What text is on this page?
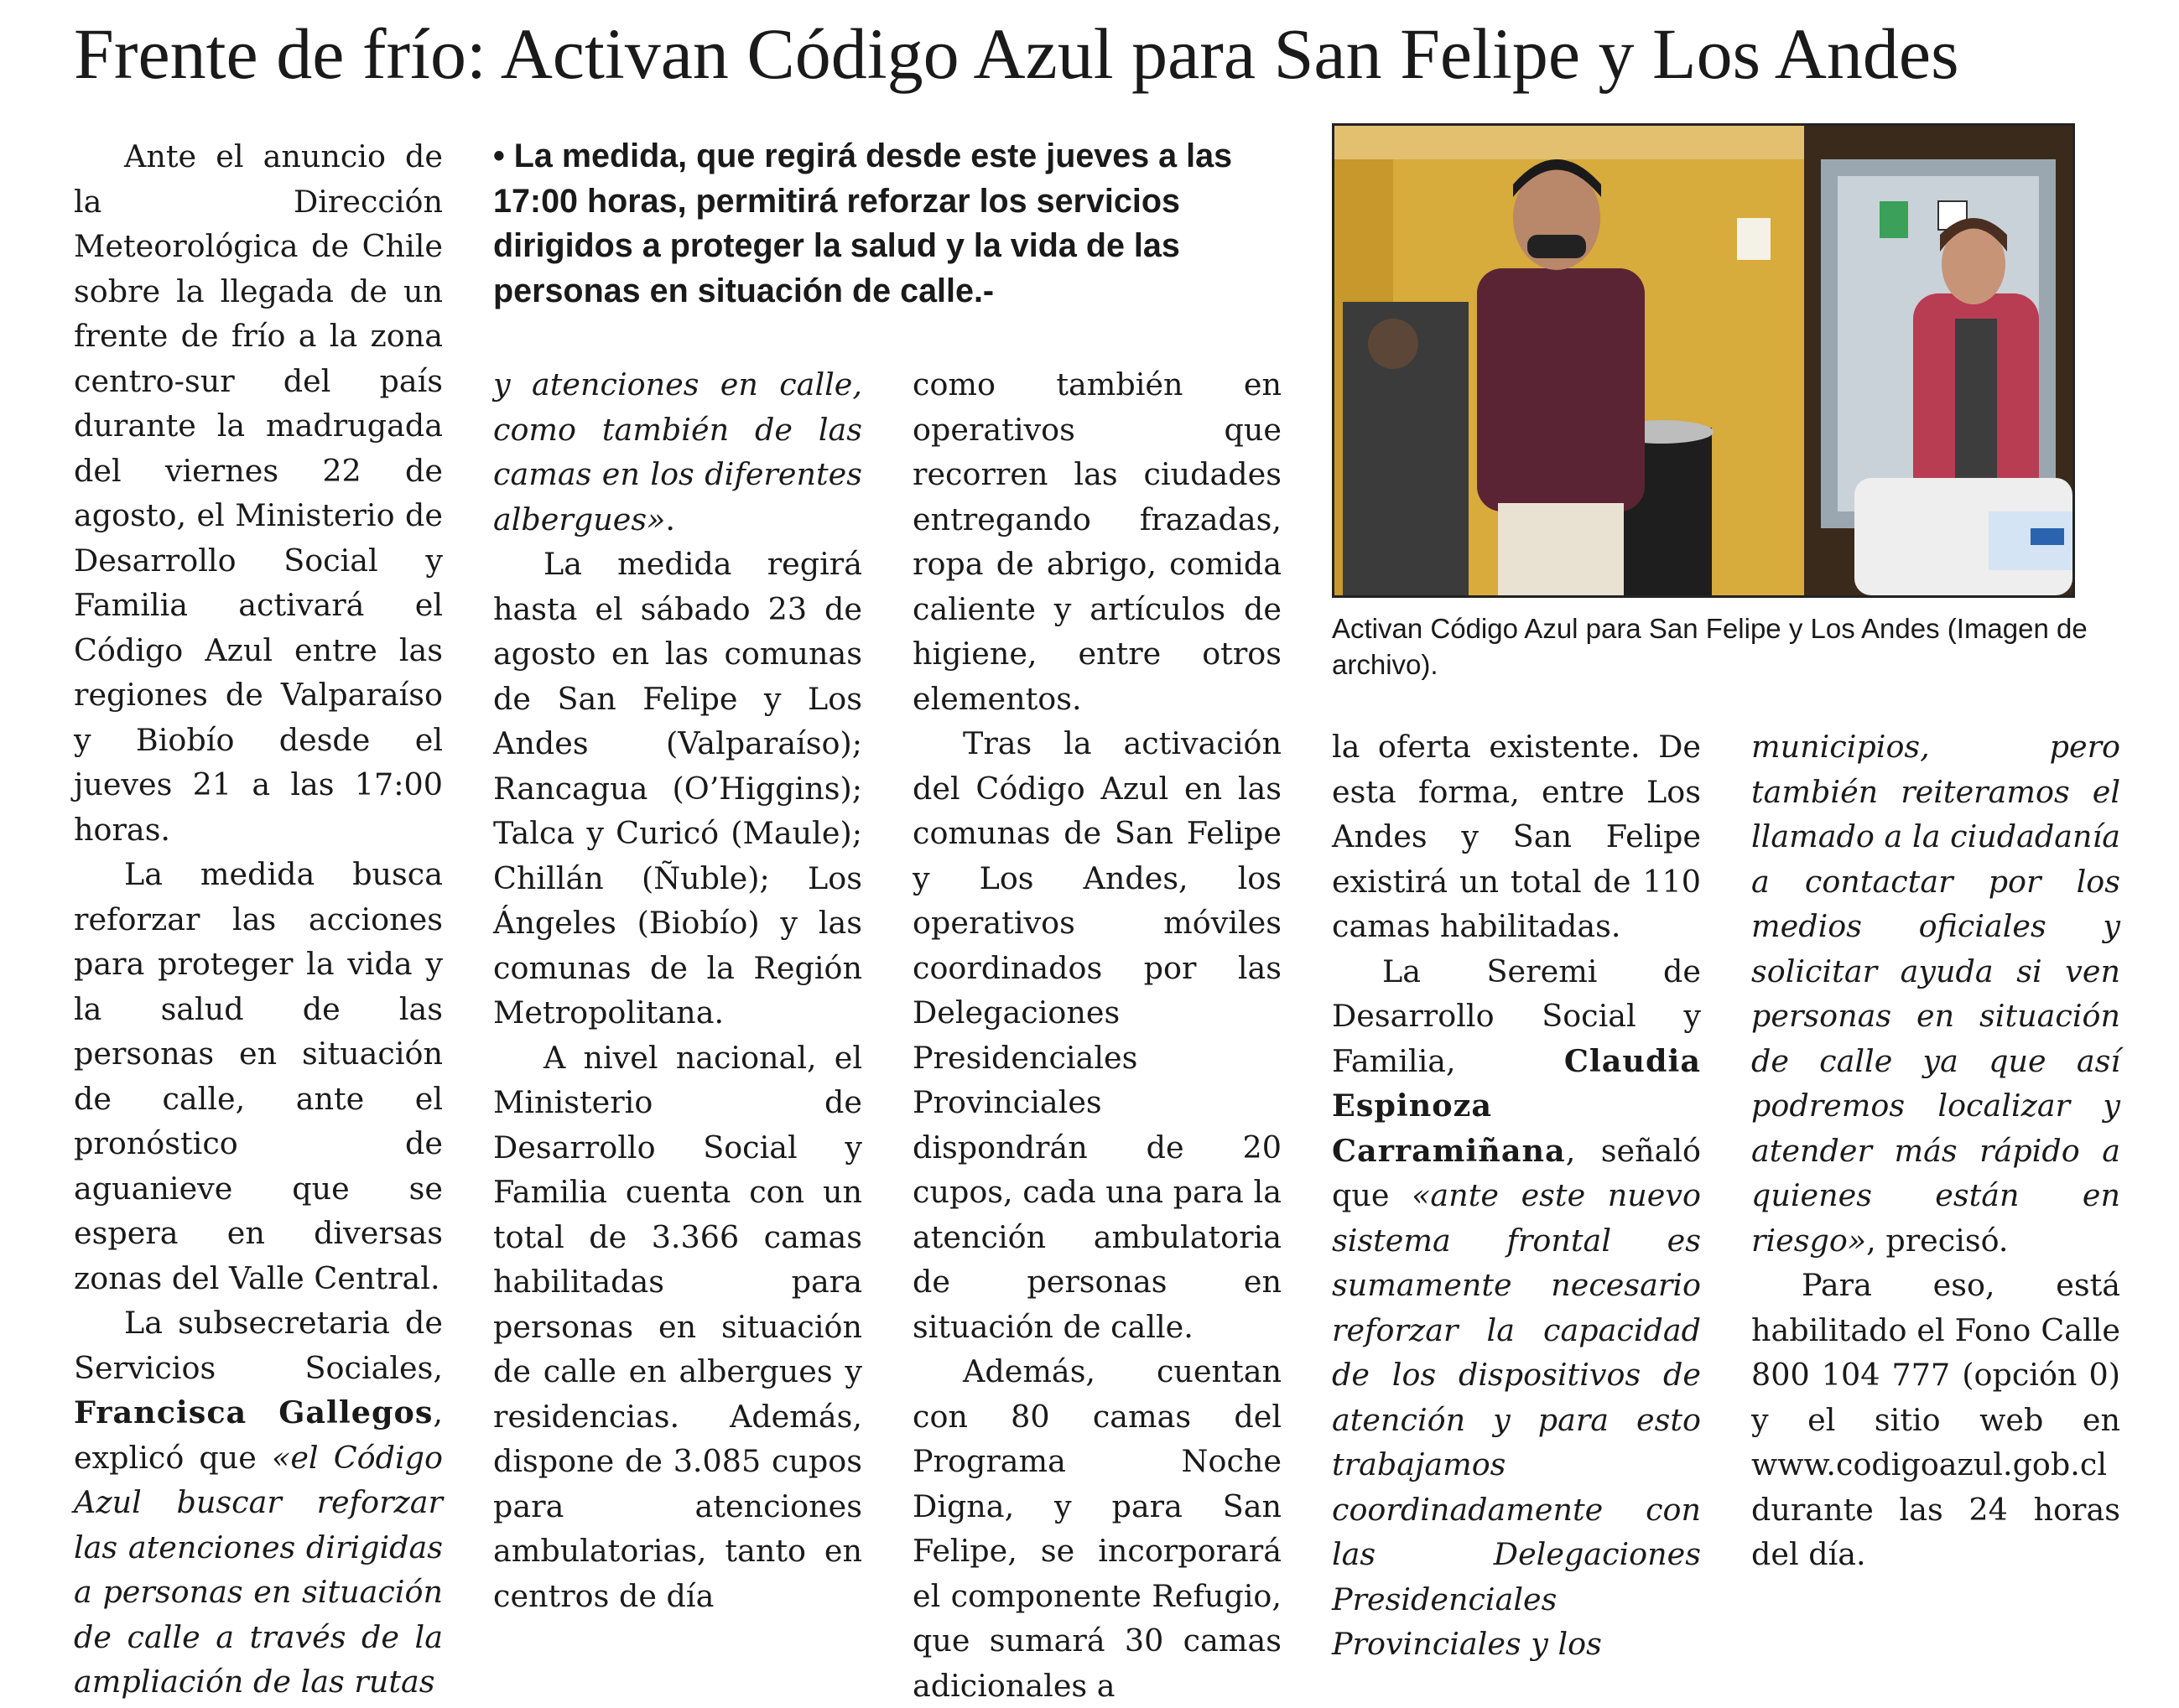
Frente de frío: Activan Código Azul para San Felipe y Los Andes

Ante el anuncio de la Dirección Meteorológica de Chile sobre la llegada de un frente de frío a la zona centro-sur del país durante la madrugada del viernes 22 de agosto, el Ministerio de Desarrollo Social y Familia activará el Código Azul entre las regiones de Valparaíso y Biobío desde el jueves 21 a las 17:00 horas.

La medida busca reforzar las acciones para proteger la vida y la salud de las personas en situación de calle, ante el pronóstico de aguanieve que se espera en diversas zonas del Valle Central.

La subsecretaria de Servicios Sociales, Francisca Gallegos, explicó que «el Código Azul buscar reforzar las atenciones dirigidas a personas en situación de calle a través de la ampliación de las rutas

• La medida, que regirá desde este jueves a las 17:00 horas, permitirá reforzar los servicios dirigidos a proteger la salud y la vida de las personas en situación de calle.-

y atenciones en calle, como también de las camas en los diferentes albergues».

La medida regirá hasta el sábado 23 de agosto en las comunas de San Felipe y Los Andes (Valparaíso); Rancagua (O’Higgins); Talca y Curicó (Maule); Chillán (Ñuble); Los Ángeles (Biobío) y las comunas de la Región Metropolitana.

A nivel nacional, el Ministerio de Desarrollo Social y Familia cuenta con un total de 3.366 camas habilitadas para personas en situación de calle en albergues y residencias. Además, dispone de 3.085 cupos para atenciones ambulatorias, tanto en centros de día

como también en operativos que recorren las ciudades entregando frazadas, ropa de abrigo, comida caliente y artículos de higiene, entre otros elementos.

Tras la activación del Código Azul en las comunas de San Felipe y Los Andes, los operativos móviles coordinados por las Delegaciones Presidenciales Provinciales dispondrán de 20 cupos, cada una para la atención ambulatoria de personas en situación de calle.

Además, cuentan con 80 camas del Programa Noche Digna, y para San Felipe, se incorporará el componente Refugio, que sumará 30 camas adicionales a

Activan Código Azul para San Felipe y Los Andes (Imagen de archivo).

la oferta existente. De esta forma, entre Los Andes y San Felipe existirá un total de 110 camas habilitadas.

La Seremi de Desarrollo Social y Familia, Claudia Espinoza Carramiñana, señaló que «ante este nuevo sistema frontal es sumamente necesario reforzar la capacidad de los dispositivos de atención y para esto trabajamos coordinadamente con las Delegaciones Presidenciales Provinciales y los

municipios, pero también reiteramos el llamado a la ciudadanía a contactar por los medios oficiales y solicitar ayuda si ven personas en situación de calle ya que así podremos localizar y atender más rápido a quienes están en riesgo», precisó.

Para eso, está habilitado el Fono Calle 800 104 777 (opción 0) y el sitio web en www.codigoazul.gob.cl durante las 24 horas del día.
